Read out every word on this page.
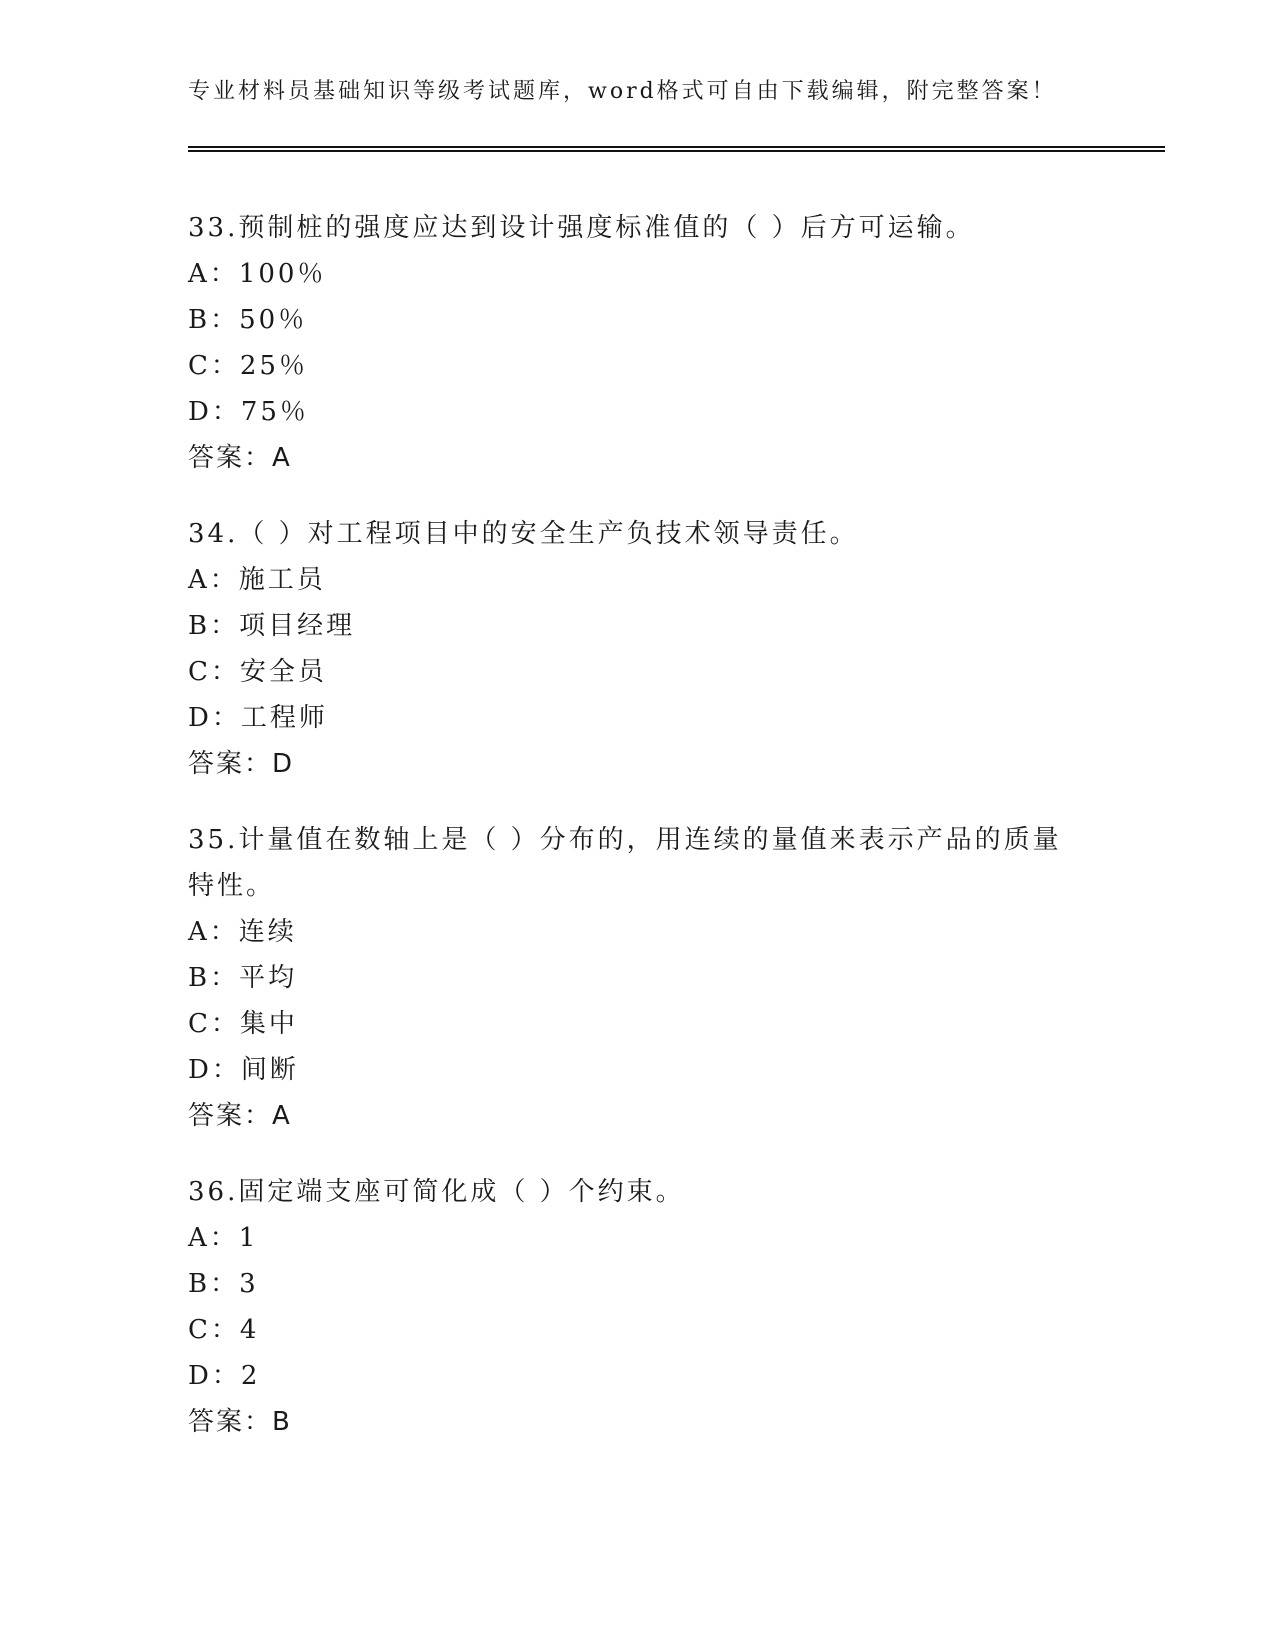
专业材料员基础知识等级考试题库，word格式可自由下载编辑，附完整答案！
33.预制桩的强度应达到设计强度标准值的（ ）后方可运输。
A：100％
B：50％
C：25％
D：75％
答案：A
34.（ ）对工程项目中的安全生产负技术领导责任。
A：施工员
B：项目经理
C：安全员
D：工程师
答案：D
35.计量值在数轴上是（ ）分布的，用连续的量值来表示产品的质量特性。
A：连续
B：平均
C：集中
D：间断
答案：A
36.固定端支座可简化成（ ）个约束。
A：1
B：3
C：4
D：2
答案：B
